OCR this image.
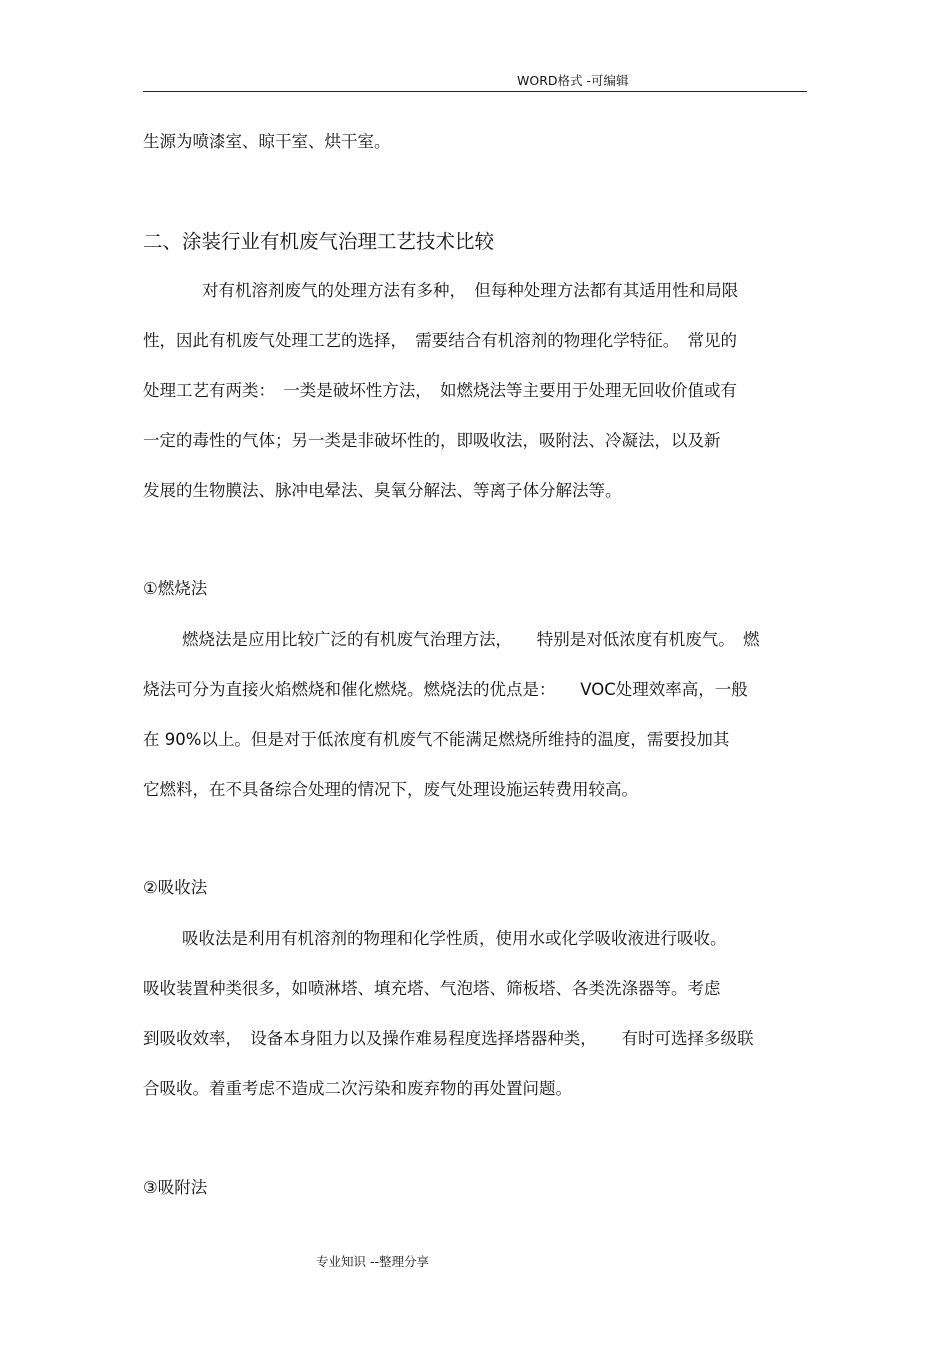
WORD格式 -可编辑
生源为喷漆室、晾干室、烘干室。
二、涂装行业有机废气治理工艺技术比较
对有机溶剂废气的处理方法有多种，　但每种处理方法都有其适用性和局限
性，因此有机废气处理工艺的选择，　需要结合有机溶剂的物理化学特征。　常见的
处理工艺有两类：　一类是破坏性方法，　如燃烧法等主要用于处理无回收价值或有
一定的毒性的气体；另一类是非破坏性的，即吸收法，吸附法、冷凝法，以及新
发展的生物膜法、脉冲电晕法、臭氧分解法、等离子体分解法等。
①燃烧法
燃烧法是应用比较广泛的有机废气治理方法，　　特别是对低浓度有机废气。　燃
烧法可分为直接火焰燃烧和催化燃烧。燃烧法的优点是：　　VOC处理效率高，一般
在 90%以上。但是对于低浓度有机废气不能满足燃烧所维持的温度，需要投加其
它燃料，在不具备综合处理的情况下，废气处理设施运转费用较高。
②吸收法
吸收法是利用有机溶剂的物理和化学性质，使用水或化学吸收液进行吸收。
吸收装置种类很多，如喷淋塔、填充塔、气泡塔、筛板塔、各类洗涤器等。考虑
到吸收效率，　设备本身阻力以及操作难易程度选择塔器种类，　　有时可选择多级联
合吸收。着重考虑不造成二次污染和废弃物的再处置问题。
③吸附法
专业知识 --整理分享
